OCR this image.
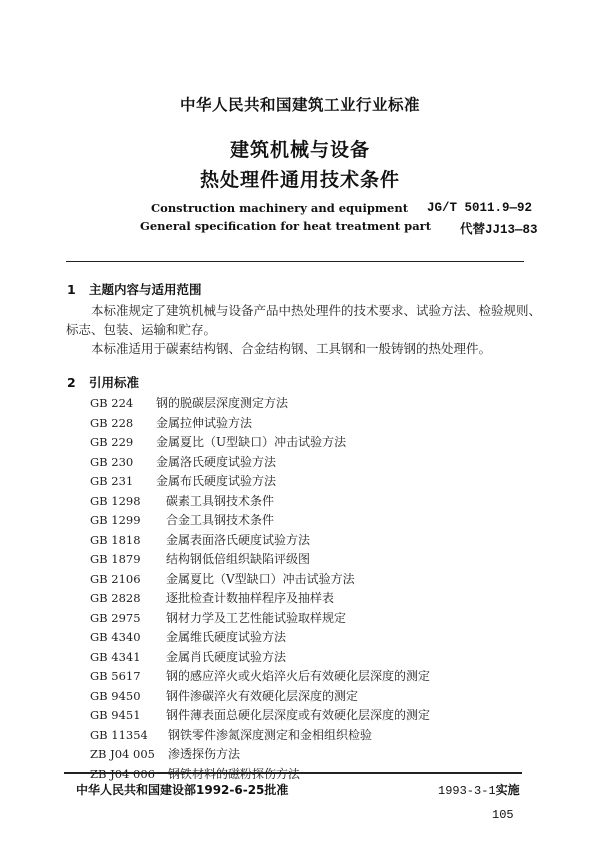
中华人民共和国建筑工业行业标准
建筑机械与设备
热处理件通用技术条件
Construction machinery and equipment
General specification for heat treatment part
JG/T 5011.9—92
代替JJ13—83
1 主题内容与适用范围
本标准规定了建筑机械与设备产品中热处理件的技术要求、试验方法、检验规则、标志、包装、运输和贮存。
本标准适用于碳素结构钢、合金结构钢、工具钢和一般铸钢的热处理件。
2 引用标准
GB 224 钢的脱碳层深度测定方法
GB 228 金属拉伸试验方法
GB 229 金属夏比（U型缺口）冲击试验方法
GB 230 金属洛氏硬度试验方法
GB 231 金属布氏硬度试验方法
GB 1298 碳素工具钢技术条件
GB 1299 合金工具钢技术条件
GB 1818 金属表面洛氏硬度试验方法
GB 1879 结构钢低倍组织缺陷评级图
GB 2106 金属夏比（V型缺口）冲击试验方法
GB 2828 逐批检查计数抽样程序及抽样表
GB 2975 钢材力学及工艺性能试验取样规定
GB 4340 金属维氏硬度试验方法
GB 4341 金属肖氏硬度试验方法
GB 5617 钢的感应淬火或火焰淬火后有效硬化层深度的测定
GB 9450 钢件渗碳淬火有效硬化层深度的测定
GB 9451 钢件薄表面总硬化层深度或有效硬化层深度的测定
GB 11354 钢铁零件渗氮深度测定和金相组织检验
ZB J04 005 渗透探伤方法
ZB J04 006 钢铁材料的磁粉探伤方法
中华人民共和国建设部1992-6-25批准	1993-3-1实施
105
